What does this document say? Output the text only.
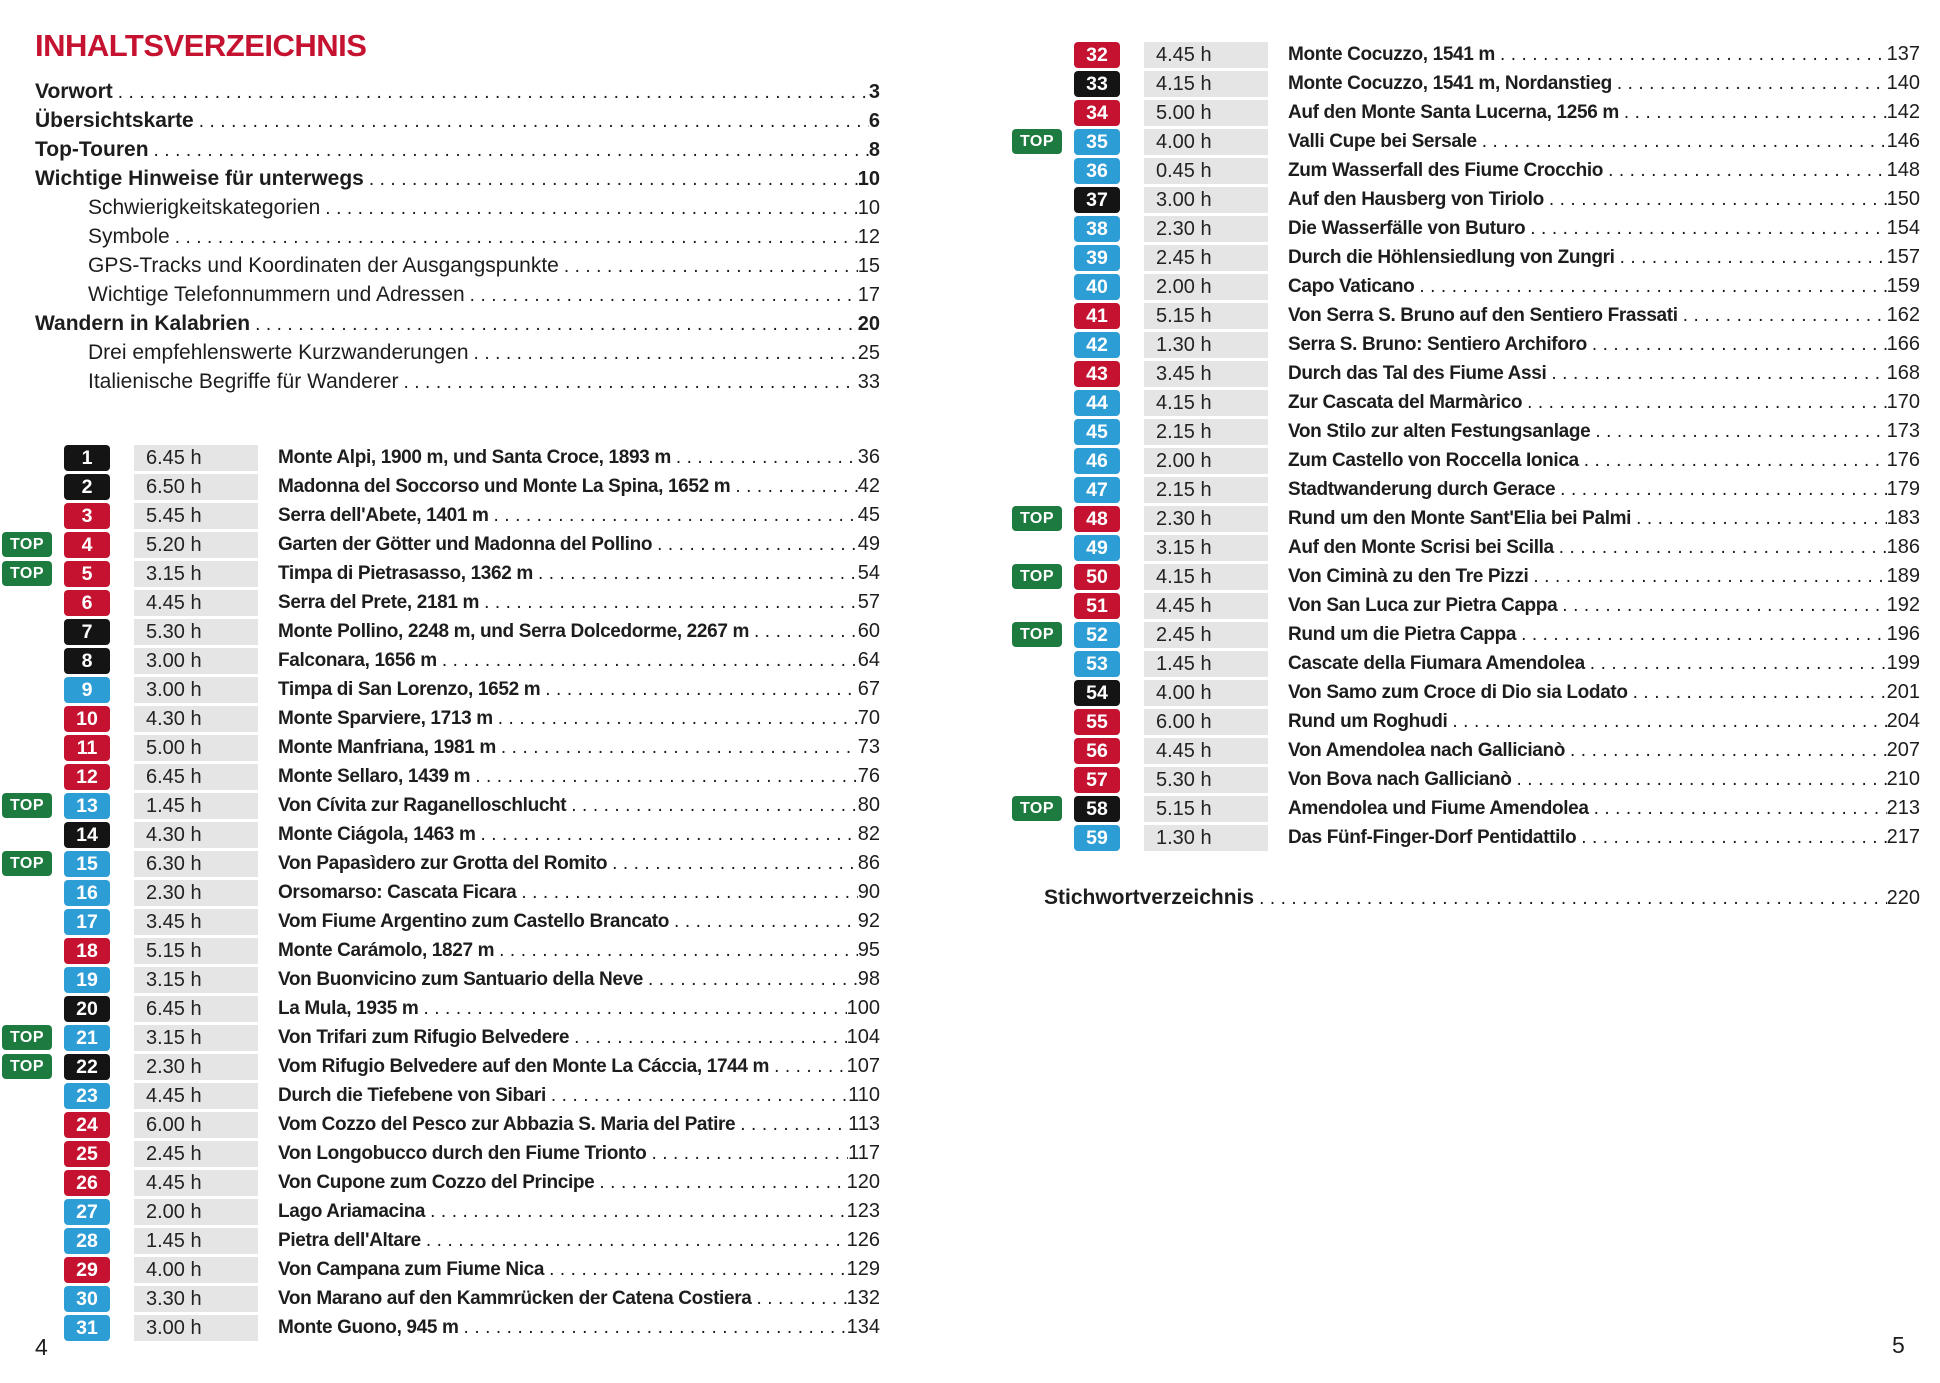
INHALTSVERZEICHNIS
Vorwort .....	3
Übersichtskarte .....	6
Top-Touren .....	8
Wichtige Hinweise für unterwegs .....	10
Schwierigkeitskategorien .....	10
Symbole .....	12
GPS-Tracks und Koordinaten der Ausgangspunkte .....	15
Wichtige Telefonnummern und Adressen .....	17
Wandern in Kalabrien .....	20
Drei empfehlenswerte Kurzwanderungen .....	25
Italienische Begriffe für Wanderer .....	33
1	6.45 h	Monte Alpi, 1900 m, und Santa Croce, 1893 m .....	36
2	6.50 h	Madonna del Soccorso und Monte La Spina, 1652 m .....	42
3	5.45 h	Serra dell'Abete, 1401 m .....	45
TOP	4	5.20 h	Garten der Götter und Madonna del Pollino .....	49
TOP	5	3.15 h	Timpa di Pietrasasso, 1362 m .....	54
6	4.45 h	Serra del Prete, 2181 m .....	57
7	5.30 h	Monte Pollino, 2248 m, und Serra Dolcedorme, 2267 m .....	60
8	3.00 h	Falconara, 1656 m .....	64
9	3.00 h	Timpa di San Lorenzo, 1652 m .....	67
10	4.30 h	Monte Sparviere, 1713 m .....	70
11	5.00 h	Monte Manfriana, 1981 m .....	73
12	6.45 h	Monte Sellaro, 1439 m .....	76
TOP	13	1.45 h	Von Cívita zur Raganelloschlucht .....	80
14	4.30 h	Monte Ciágola, 1463 m .....	82
TOP	15	6.30 h	Von Papasìdero zur Grotta del Romito .....	86
16	2.30 h	Orsomarso: Cascata Ficara .....	90
17	3.45 h	Vom Fiume Argentino zum Castello Brancato .....	92
18	5.15 h	Monte Carámolo, 1827 m .....	95
19	3.15 h	Von Buonvicino zum Santuario della Neve .....	98
20	6.45 h	La Mula, 1935 m .....	100
TOP	21	3.15 h	Von Trifari zum Rifugio Belvedere .....	104
TOP	22	2.30 h	Vom Rifugio Belvedere auf den Monte La Cáccia, 1744 m .....	107
23	4.45 h	Durch die Tiefebene von Sibari .....	110
24	6.00 h	Vom Cozzo del Pesco zur Abbazia S. Maria del Patire .....	113
25	2.45 h	Von Longobucco durch den Fiume Trionto .....	117
26	4.45 h	Von Cupone zum Cozzo del Principe .....	120
27	2.00 h	Lago Ariamacina .....	123
28	1.45 h	Pietra dell'Altare .....	126
29	4.00 h	Von Campana zum Fiume Nica .....	129
30	3.30 h	Von Marano auf den Kammrücken der Catena Costiera .....	132
31	3.00 h	Monte Guono, 945 m .....	134
32	4.45 h	Monte Cocuzzo, 1541 m .....	137
33	4.15 h	Monte Cocuzzo, 1541 m, Nordanstieg .....	140
34	5.00 h	Auf den Monte Santa Lucerna, 1256 m .....	142
TOP	35	4.00 h	Valli Cupe bei Sersale .....	146
36	0.45 h	Zum Wasserfall des Fiume Crocchio .....	148
37	3.00 h	Auf den Hausberg von Tiriolo .....	150
38	2.30 h	Die Wasserfälle von Buturo .....	154
39	2.45 h	Durch die Höhlensiedlung von Zungri .....	157
40	2.00 h	Capo Vaticano .....	159
41	5.15 h	Von Serra S. Bruno auf den Sentiero Frassati .....	162
42	1.30 h	Serra S. Bruno: Sentiero Archiforo .....	166
43	3.45 h	Durch das Tal des Fiume Assi .....	168
44	4.15 h	Zur Cascata del Marmàrico .....	170
45	2.15 h	Von Stilo zur alten Festungsanlage .....	173
46	2.00 h	Zum Castello von Roccella Ionica .....	176
47	2.15 h	Stadtwanderung durch Gerace .....	179
TOP	48	2.30 h	Rund um den Monte Sant'Elia bei Palmi .....	183
49	3.15 h	Auf den Monte Scrisi bei Scilla .....	186
TOP	50	4.15 h	Von Ciminà zu den Tre Pizzi .....	189
51	4.45 h	Von San Luca zur Pietra Cappa .....	192
TOP	52	2.45 h	Rund um die Pietra Cappa .....	196
53	1.45 h	Cascate della Fiumara Amendolea .....	199
54	4.00 h	Von Samo zum Croce di Dio sia Lodato .....	201
55	6.00 h	Rund um Roghudi .....	204
56	4.45 h	Von Amendolea nach Gallicianò .....	207
57	5.30 h	Von Bova nach Gallicianò .....	210
TOP	58	5.15 h	Amendolea und Fiume Amendolea .....	213
59	1.30 h	Das Fünf-Finger-Dorf Pentidattilo .....	217
Stichwortverzeichnis .....	220
4	5
